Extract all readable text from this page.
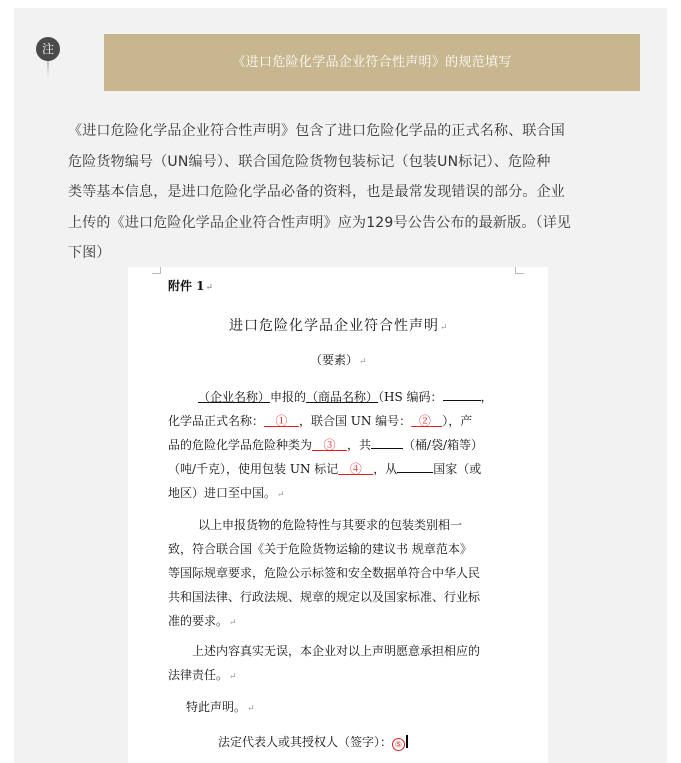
注
《进口危险化学品企业符合性声明》的规范填写
《进口危险化学品企业符合性声明》包含了进口危险化学品的正式名称、联合国
危险货物编号（UN编号）、联合国危险货物包装标记（包装UN标记）、危险种
类等基本信息，是进口危险化学品必备的资料，也是最常发现错误的部分。企业
上传的《进口危险化学品企业符合性声明》应为129号公告公布的最新版。（详见
下图）
附件 1↵
进口危险化学品企业符合性声明↵
（要素）↵
（企业名称）申报的（商品名称）（HS 编码：	，
化学品正式名称： ① ，联合国 UN 编号： ② ），产
品的危险化学品危险种类为 ③ ，共	（桶/袋/箱等）
（吨/千克），使用包装 UN 标记 ④ ，从	国家（或
地区）进口至中国。↵
以上申报货物的危险特性与其要求的包装类别相一
致，符合联合国《关于危险货物运输的建议书 规章范本》
等国际规章要求，危险公示标签和安全数据单符合中华人民
共和国法律、行政法规、规章的规定以及国家标准、行业标
准的要求。↵
上述内容真实无误，本企业对以上声明愿意承担相应的
法律责任。↵
特此声明。↵
法定代表人或其授权人（签字）： ⑤
